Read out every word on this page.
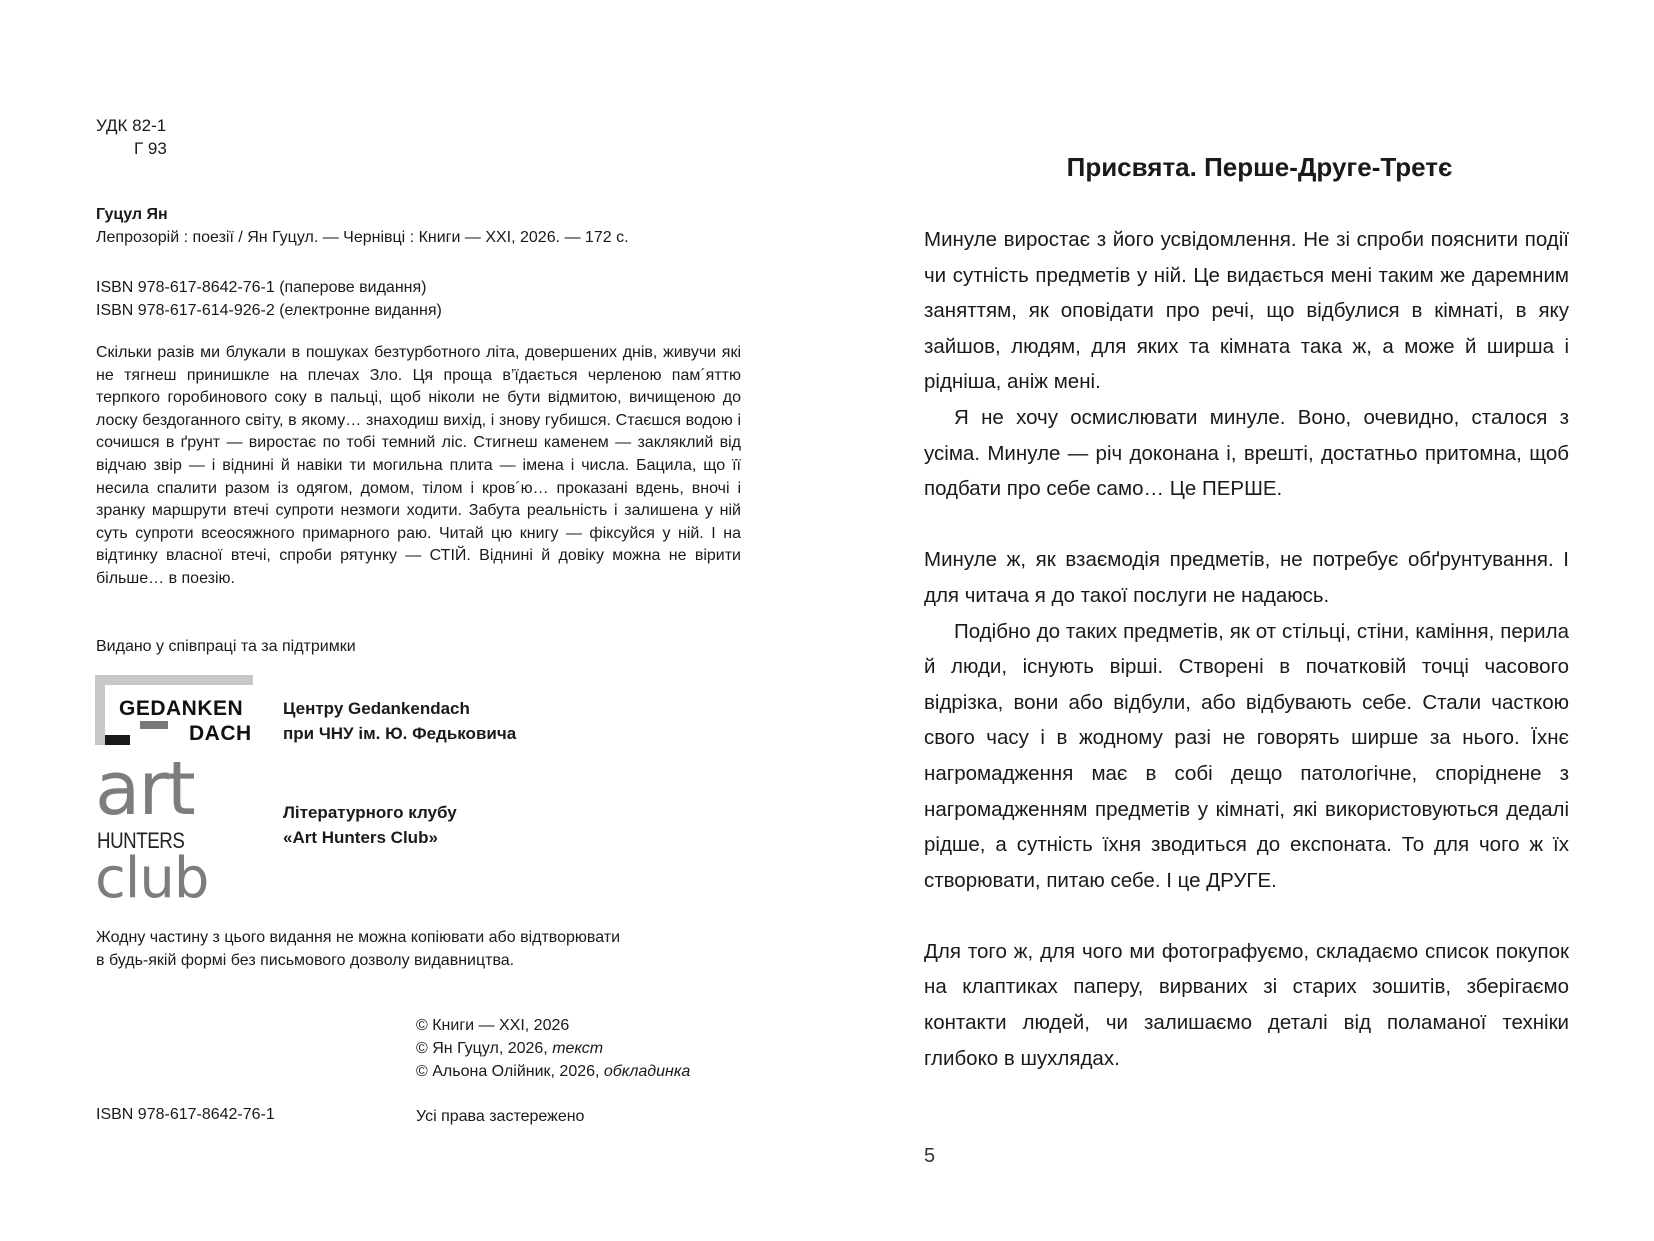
УДК 82-1
Г 93
Гуцул Ян
Лепрозорій : поезії / Ян Гуцул. — Чернівці : Книги — ХХІ, 2026. — 172 с.
ISBN 978-617-8642-76-1 (паперове видання)
ISBN 978-617-614-926-2 (електронне видання)
Скільки разів ми блукали в пошуках безтурботного літа, довершених днів, живучи які не тягнеш принишкле на плечах Зло. Ця проща в’їдається черленою пам´яттю терпкого горобинового соку в пальці, щоб ніколи не бути відмитою, вичищеною до лоску бездоганного світу, в якому… знаходиш вихід, і знову губишся. Стаєшся водою і сочишся в ґрунт — виростає по тобі темний ліс. Стигнеш каменем — закляклий від відчаю звір — і віднині й навіки ти могильна плита — імена і числа. Бацила, що її несила спалити разом із одягом, домом, тілом і кров´ю… проказані вдень, вночі і зранку маршрути втечі супроти незмоги ходити. Забута реальність і залишена у ній суть супроти всеосяжного примарного раю. Читай цю книгу — фіксуйся у ній. І на відтинку власної втечі, спроби рятунку — СТІЙ. Віднині й довіку можна не вірити більше… в поезію.
Видано у співпраці та за підтримки
GEDANKEN
DACH
Центру Gedankendach
при ЧНУ ім. Ю. Федьковича
art
HUNTERS
club
Літературного клубу
«Art Hunters Club»
Жодну частину з цього видання не можна копіювати або відтворювати
в будь-якій формі без письмового дозволу видавництва.
© Книги — ХХІ, 2026
© Ян Гуцул, 2026, текст
© Альона Олійник, 2026, обкладинка
ISBN 978-617-8642-76-1	Усі права застережено
Присвята. Перше-Друге-Третє

Минуле виростає з його усвідомлення. Не зі спроби пояснити події чи сутність предметів у ній. Це видається мені таким же даремним заняттям, як оповідати про речі, що відбулися в кімнаті, в яку зайшов, людям, для яких та кімната така ж, а може й ширша і рідніша, аніж мені.

Я не хочу осмислювати минуле. Воно, очевидно, сталося з усіма. Минуле — річ доконана і, врешті, достатньо притомна, щоб подбати про себе само… Це ПЕРШЕ.

Минуле ж, як взаємодія предметів, не потребує обґрунтування. І для читача я до такої послуги не надаюсь.

Подібно до таких предметів, як от стільці, стіни, каміння, перила й люди, існують вірші. Створені в початковій точці часового відрізка, вони або відбули, або відбувають себе. Стали часткою свого часу і в жодному разі не говорять ширше за нього. Їхнє нагромадження має в собі дещо патологічне, споріднене з нагромадженням предметів у кімнаті, які використовуються дедалі рідше, а сутність їхня зводиться до експоната. То для чого ж їх створювати, питаю себе. І це ДРУГЕ.

Для того ж, для чого ми фотографуємо, складаємо список покупок на клаптиках паперу, вирваних зі старих зошитів, зберігаємо контакти людей, чи залишаємо деталі від поламаної техніки глибоко в шухлядах.

5
